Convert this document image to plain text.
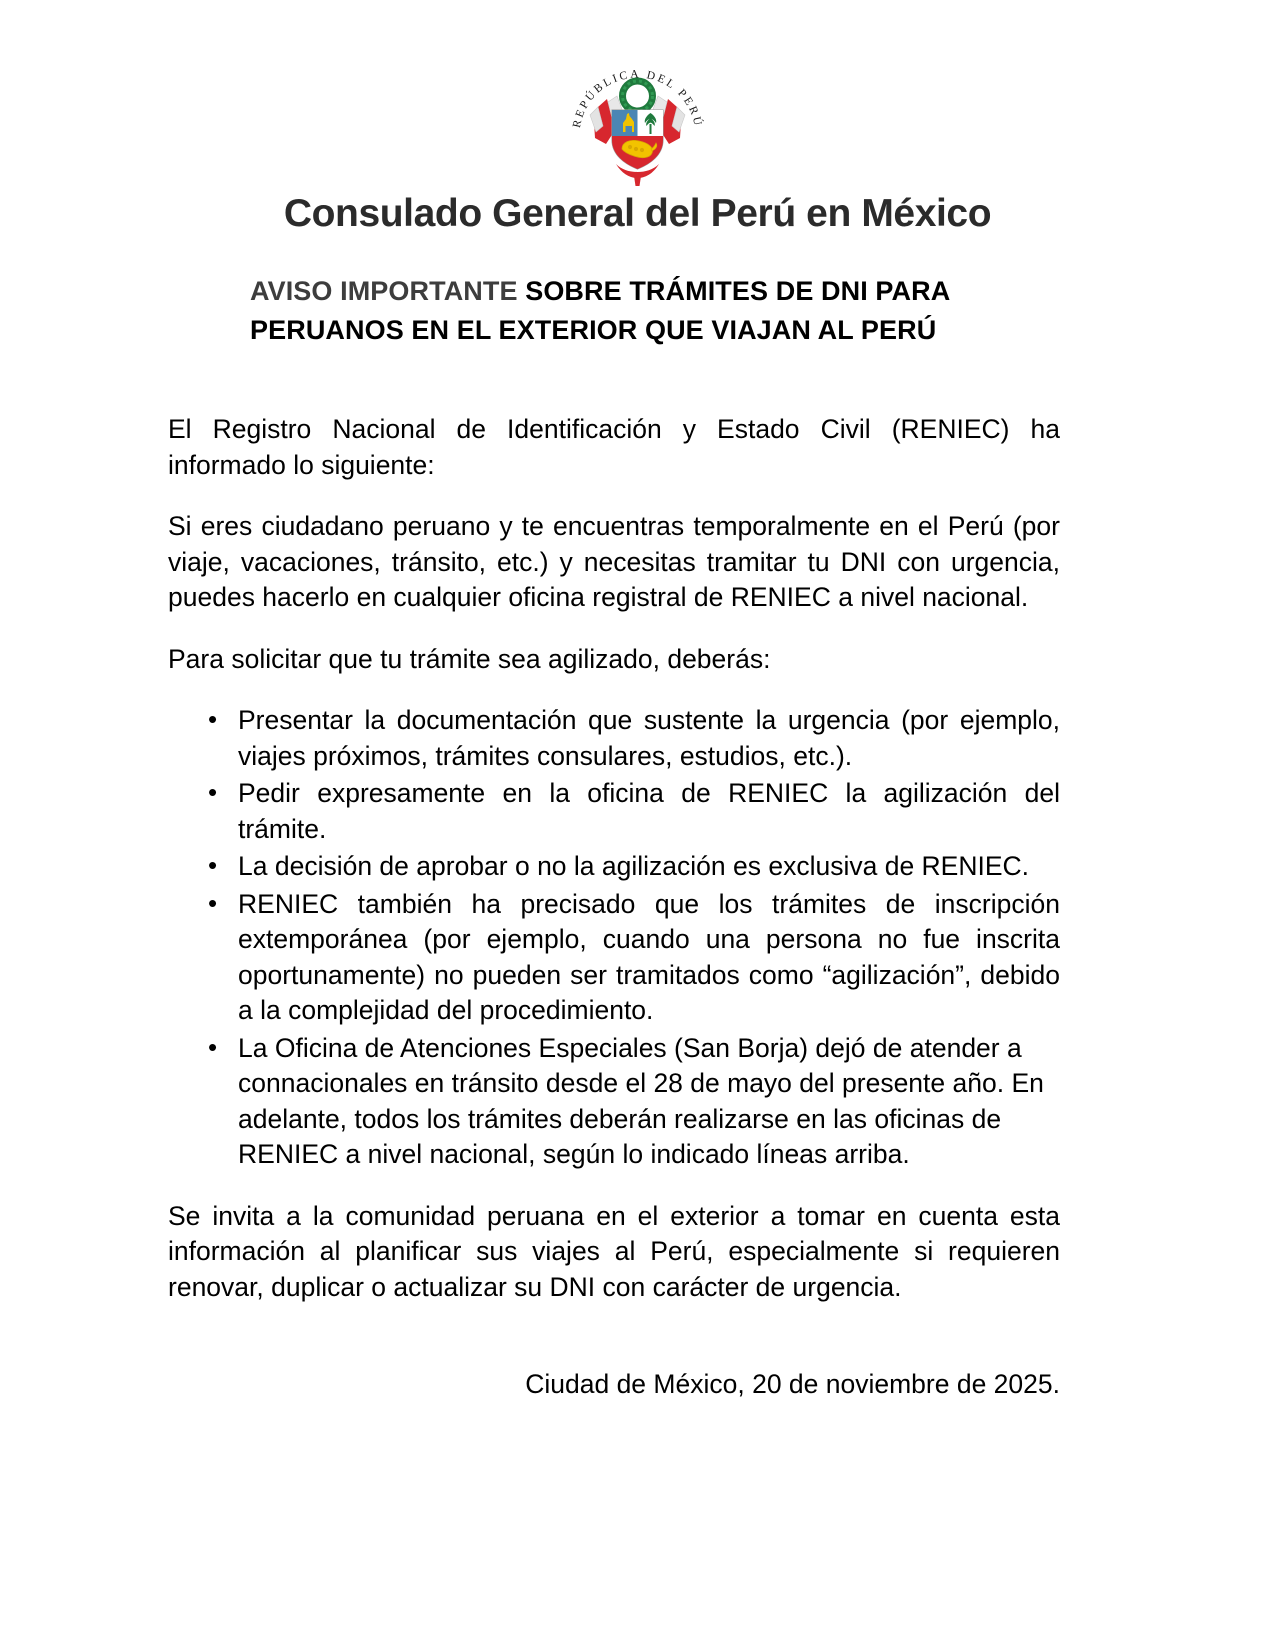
REPÚBLICA DEL PERÚ
Consulado General del Perú en México
AVISO IMPORTANTE SOBRE TRÁMITES DE DNI PARA PERUANOS EN EL EXTERIOR QUE VIAJAN AL PERÚ

El Registro Nacional de Identificación y Estado Civil (RENIEC) ha informado lo siguiente:

Si eres ciudadano peruano y te encuentras temporalmente en el Perú (por viaje, vacaciones, tránsito, etc.) y necesitas tramitar tu DNI con urgencia, puedes hacerlo en cualquier oficina registral de RENIEC a nivel nacional.

Para solicitar que tu trámite sea agilizado, deberás:

• Presentar la documentación que sustente la urgencia (por ejemplo, viajes próximos, trámites consulares, estudios, etc.).
• Pedir expresamente en la oficina de RENIEC la agilización del trámite.
• La decisión de aprobar o no la agilización es exclusiva de RENIEC.
• RENIEC también ha precisado que los trámites de inscripción extemporánea (por ejemplo, cuando una persona no fue inscrita oportunamente) no pueden ser tramitados como “agilización”, debido a la complejidad del procedimiento.
• La Oficina de Atenciones Especiales (San Borja) dejó de atender a connacionales en tránsito desde el 28 de mayo del presente año. En adelante, todos los trámites deberán realizarse en las oficinas de RENIEC a nivel nacional, según lo indicado líneas arriba.

Se invita a la comunidad peruana en el exterior a tomar en cuenta esta información al planificar sus viajes al Perú, especialmente si requieren renovar, duplicar o actualizar su DNI con carácter de urgencia.

Ciudad de México, 20 de noviembre de 2025.
